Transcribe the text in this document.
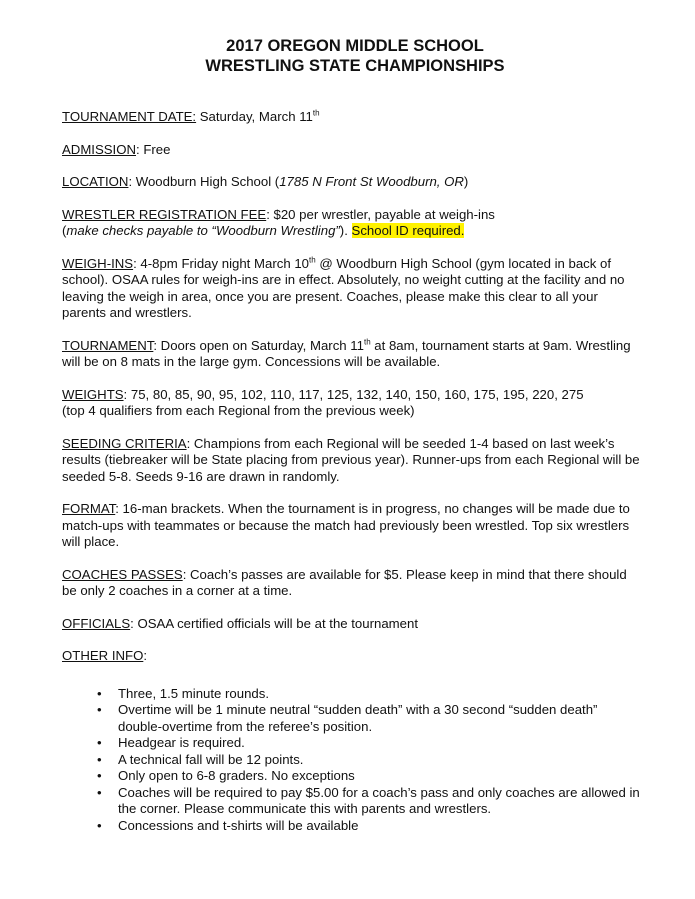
2017 OREGON MIDDLE SCHOOL
WRESTLING STATE CHAMPIONSHIPS

TOURNAMENT DATE: Saturday, March 11th

ADMISSION: Free

LOCATION: Woodburn High School (1785 N Front St Woodburn, OR)

WRESTLER REGISTRATION FEE: $20 per wrestler, payable at weigh-ins
(make checks payable to “Woodburn Wrestling”). School ID required.

WEIGH-INS: 4-8pm Friday night March 10th @ Woodburn High School (gym located in back of school). OSAA rules for weigh-ins are in effect. Absolutely, no weight cutting at the facility and no leaving the weigh in area, once you are present. Coaches, please make this clear to all your parents and wrestlers.

TOURNAMENT: Doors open on Saturday, March 11th at 8am, tournament starts at 9am. Wrestling will be on 8 mats in the large gym. Concessions will be available.

WEIGHTS: 75, 80, 85, 90, 95, 102, 110, 117, 125, 132, 140, 150, 160, 175, 195, 220, 275
(top 4 qualifiers from each Regional from the previous week)

SEEDING CRITERIA: Champions from each Regional will be seeded 1-4 based on last week’s results (tiebreaker will be State placing from previous year). Runner-ups from each Regional will be seeded 5-8. Seeds 9-16 are drawn in randomly.

FORMAT: 16-man brackets. When the tournament is in progress, no changes will be made due to match-ups with teammates or because the match had previously been wrestled. Top six wrestlers will place.

COACHES PASSES: Coach’s passes are available for $5. Please keep in mind that there should be only 2 coaches in a corner at a time.

OFFICIALS: OSAA certified officials will be at the tournament

OTHER INFO:

• Three, 1.5 minute rounds.
• Overtime will be 1 minute neutral “sudden death” with a 30 second “sudden death” double-overtime from the referee’s position.
• Headgear is required.
• A technical fall will be 12 points.
• Only open to 6-8 graders. No exceptions
• Coaches will be required to pay $5.00 for a coach’s pass and only coaches are allowed in the corner. Please communicate this with parents and wrestlers.
• Concessions and t-shirts will be available
